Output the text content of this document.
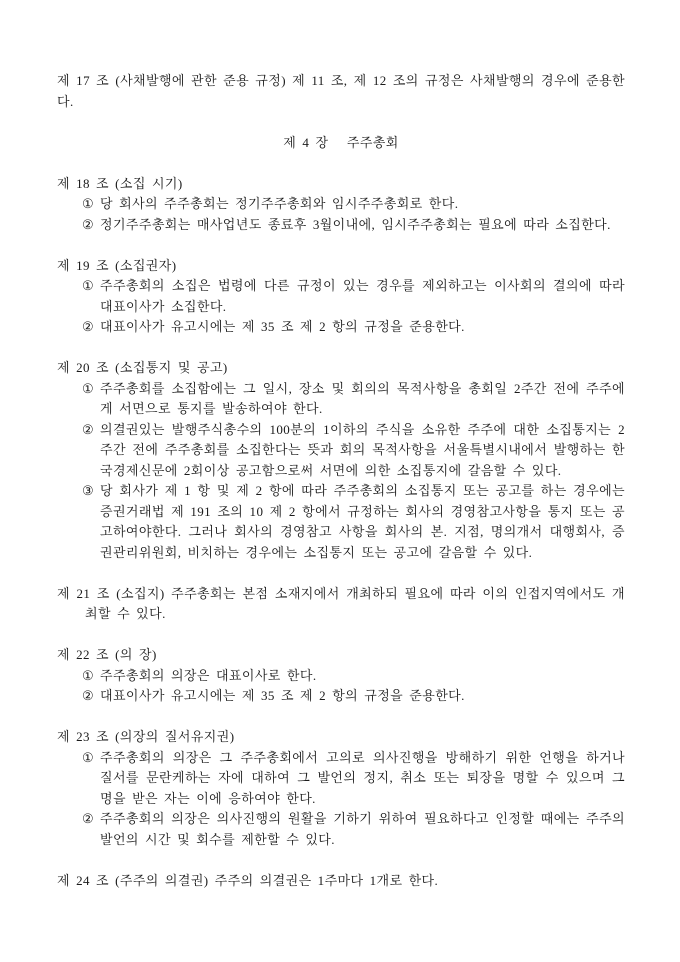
제 17 조 (사채발행에 관한 준용 규정) 제 11 조, 제 12 조의 규정은 사채발행의 경우에 준용한다.
제 4 장   주주총회
제 18 조 (소집 시기)
① 당 회사의 주주총회는 정기주주총회와 임시주주총회로 한다.
② 정기주주총회는 매사업년도 종료후 3월이내에, 임시주주총회는 필요에 따라 소집한다.
제 19 조 (소집권자)
① 주주총회의 소집은 법령에 다른 규정이 있는 경우를 제외하고는 이사회의 결의에 따라 대표이사가 소집한다.
② 대표이사가 유고시에는 제 35 조 제 2 항의 규정을 준용한다.
제 20 조 (소집통지 및 공고)
① 주주총회를 소집함에는 그 일시, 장소 및 회의의 목적사항을 총회일 2주간 전에 주주에게 서면으로 통지를 발송하여야 한다.
② 의결권있는 발행주식총수의 100분의 1이하의 주식을 소유한 주주에 대한 소집통지는 2 주간 전에 주주총회를 소집한다는 뜻과 회의 목적사항을 서울특별시내에서 발행하는 한국경제신문에 2회이상 공고함으로써 서면에 의한 소집통지에 갈음할 수 있다.
③ 당 회사가 제 1 항 및 제 2 항에 따라 주주총회의 소집통지 또는 공고를 하는 경우에는 증권거래법 제 191 조의 10 제 2 항에서 규정하는 회사의 경영참고사항을 통지 또는 공고하여야한다. 그러나 회사의 경영참고 사항을 회사의 본. 지점, 명의개서 대행회사, 증권관리위원회, 비치하는 경우에는 소집통지 또는 공고에 갈음할 수 있다.
제 21 조 (소집지) 주주총회는 본점 소재지에서 개최하되 필요에 따라 이의 인접지역에서도 개최할 수 있다.
제 22 조 (의 장)
① 주주총회의 의장은 대표이사로 한다.
② 대표이사가 유고시에는 제 35 조 제 2 항의 규정을 준용한다.
제 23 조 (의장의 질서유지권)
① 주주총회의 의장은 그 주주총회에서 고의로 의사진행을 방해하기 위한 언행을 하거나 질서를 문란케하는 자에 대하여 그 발언의 정지, 취소 또는 퇴장을 명할 수 있으며 그 명을 받은 자는 이에 응하여야 한다.
② 주주총회의 의장은 의사진행의 원활을 기하기 위하여 필요하다고 인정할 때에는 주주의 발언의 시간 및 회수를 제한할 수 있다.
제 24 조 (주주의 의결권) 주주의 의결권은 1주마다 1개로 한다.
